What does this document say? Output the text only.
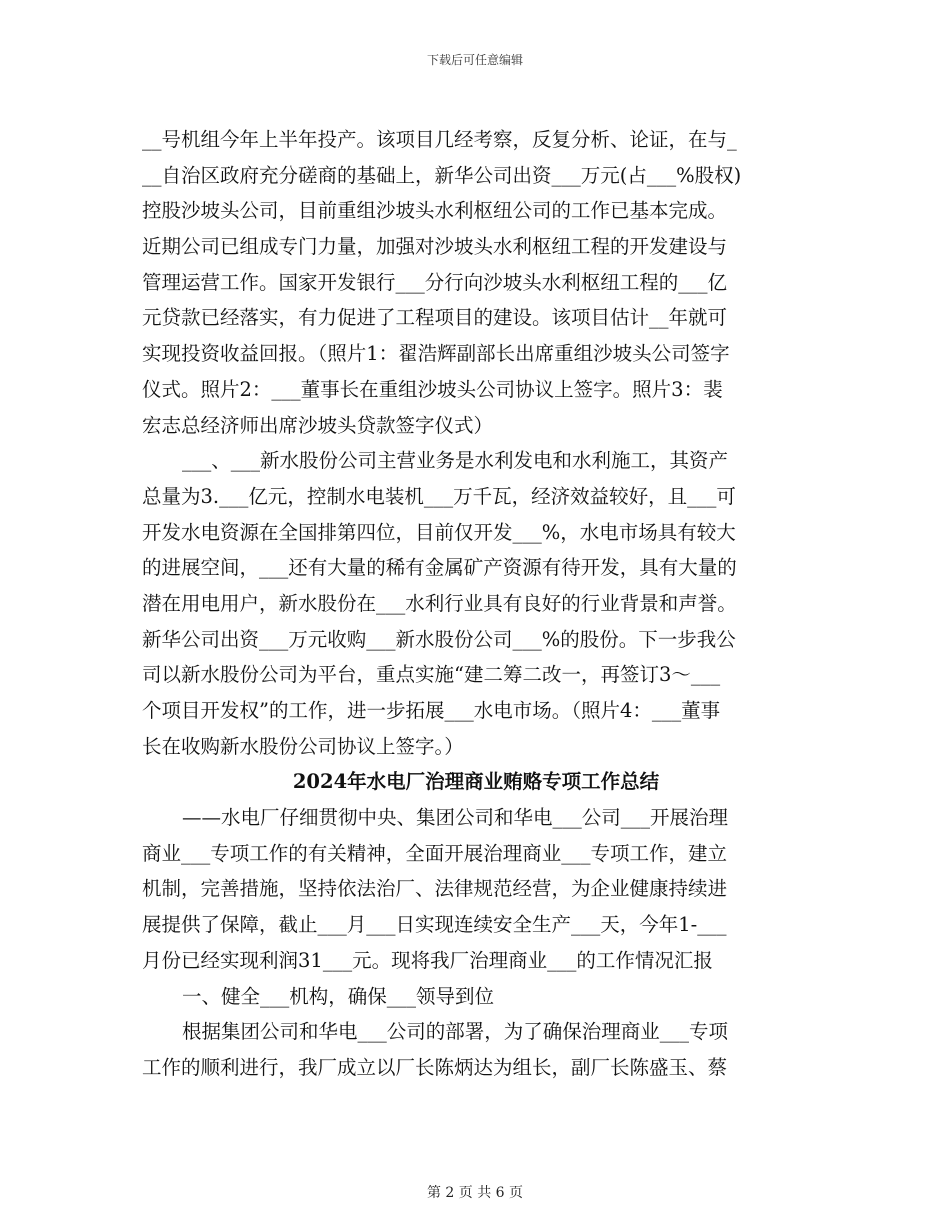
下载后可任意编辑
__号机组今年上半年投产。该项目几经考察，反复分析、论证，在与_
__自治区政府充分磋商的基础上，新华公司出资___万元(占___%股权)
控股沙坡头公司，目前重组沙坡头水利枢纽公司的工作已基本完成。
近期公司已组成专门力量，加强对沙坡头水利枢纽工程的开发建设与
管理运营工作。国家开发银行___分行向沙坡头水利枢纽工程的___亿
元贷款已经落实，有力促进了工程项目的建设。该项目估计__年就可
实现投资收益回报。（照片1：翟浩辉副部长出席重组沙坡头公司签字
仪式。照片2：___董事长在重组沙坡头公司协议上签字。照片3：裴
宏志总经济师出席沙坡头贷款签字仪式）
___、___新水股份公司主营业务是水利发电和水利施工，其资产
总量为3.___亿元，控制水电装机___万千瓦，经济效益较好，且___可
开发水电资源在全国排第四位，目前仅开发___%，水电市场具有较大
的进展空间，___还有大量的稀有金属矿产资源有待开发，具有大量的
潜在用电用户，新水股份在___水利行业具有良好的行业背景和声誉。
新华公司出资___万元收购___新水股份公司___%的股份。下一步我公
司以新水股份公司为平台，重点实施“建二筹二改一，再签订3～___
个项目开发权”的工作，进一步拓展___水电市场。（照片4：___董事
长在收购新水股份公司协议上签字。）
2024年水电厂治理商业贿赂专项工作总结
——水电厂仔细贯彻中央、集团公司和华电___公司___开展治理
商业___专项工作的有关精神，全面开展治理商业___专项工作，建立
机制，完善措施，坚持依法治厂、法律规范经营，为企业健康持续进
展提供了保障，截止___月___日实现连续安全生产___天，今年1-___
月份已经实现利润31___元。现将我厂治理商业___的工作情况汇报
一、健全___机构，确保___领导到位
根据集团公司和华电___公司的部署，为了确保治理商业___专项
工作的顺利进行，我厂成立以厂长陈炳达为组长，副厂长陈盛玉、蔡
第 2 页 共 6 页
